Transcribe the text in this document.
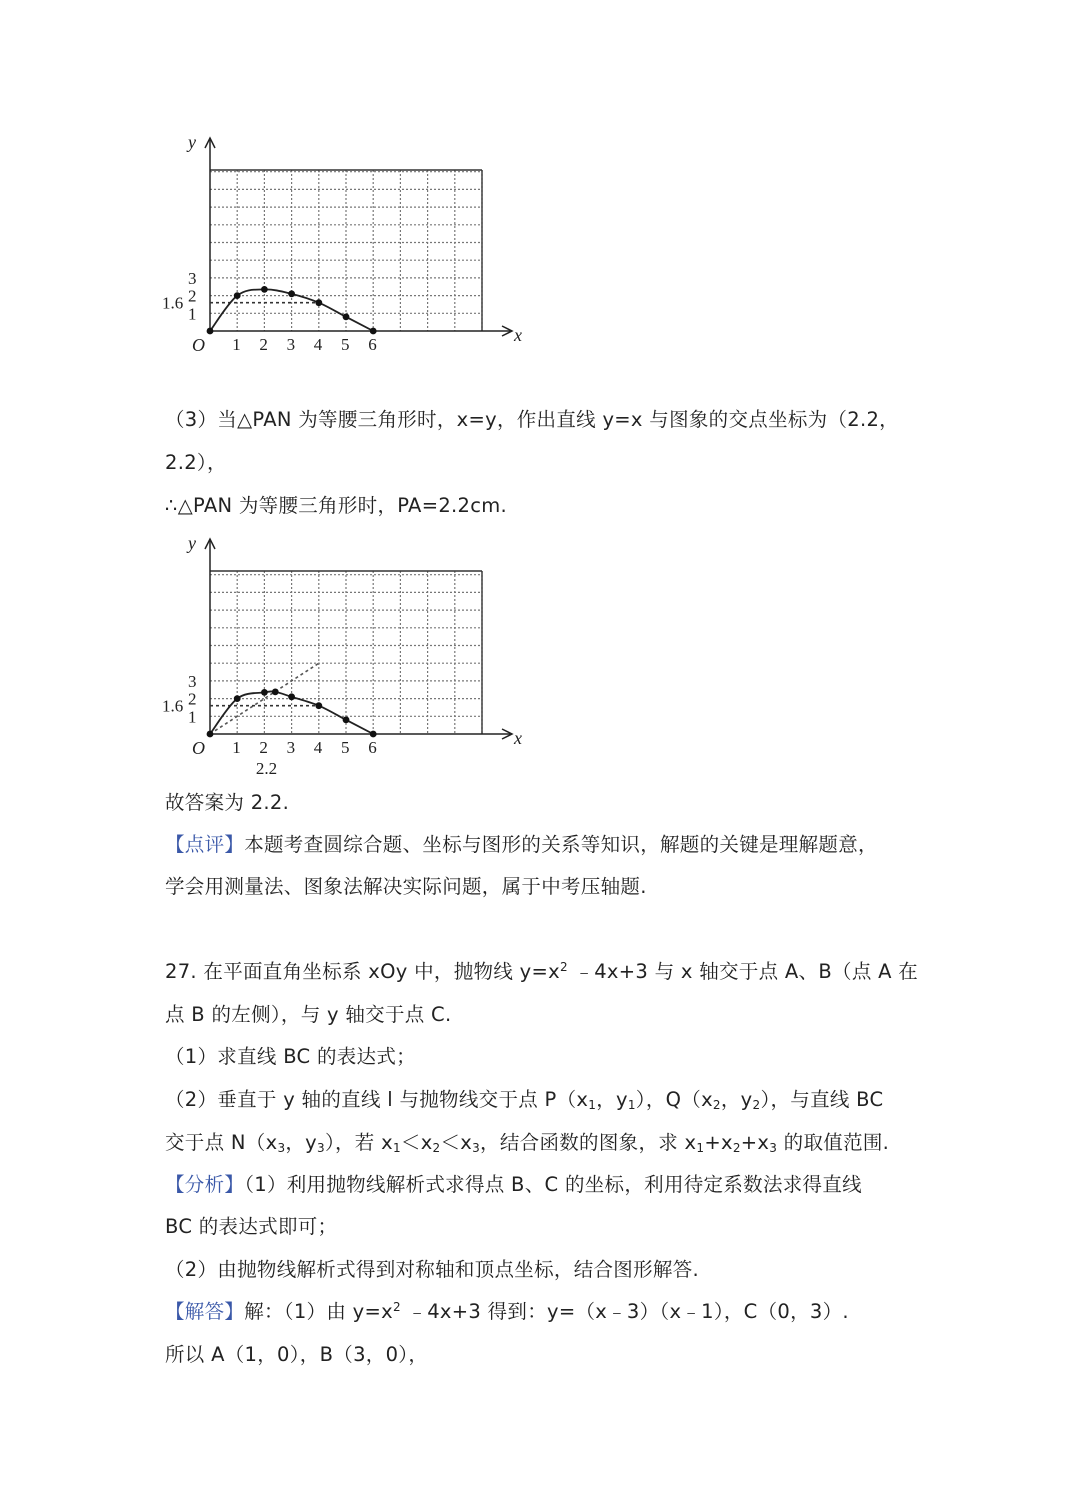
y
x
O 1 2 3 4 5 6
3
2
1
1.6
（3）当△PAN 为等腰三角形时，x=y，作出直线 y=x 与图象的交点坐标为（2.2，
2.2），
∴△PAN 为等腰三角形时，PA=2.2cm.
y
x
O 1 2 3 4 5 6
3
2
1
1.6
2.2
故答案为 2.2.
【点评】本题考查圆综合题、坐标与图形的关系等知识，解题的关键是理解题意，
学会用测量法、图象法解决实际问题，属于中考压轴题.
27. 在平面直角坐标系 xOy 中，抛物线 $y=x^2$ ﹣4x+3 与 x 轴交于点 A、B（点 A 在
点 B 的左侧），与 y 轴交于点 C.
（1）求直线 BC 的表达式；
（2）垂直于 y 轴的直线 l 与抛物线交于点 $P(x_1$，$y_1$），$Q(x_2$，$y_2$），与直线 BC
交于点 $N(x_3$，$y_3$），若 $x_1<x_2<x_3$，结合函数的图象，求 $x_1+x_2+x_3$ 的取值范围.
【分析】（1）利用抛物线解析式求得点 B、C 的坐标，利用待定系数法求得直线
BC 的表达式即可；
（2）由抛物线解析式得到对称轴和顶点坐标，结合图形解答.
【解答】解：（1）由 $y=x^2$ ﹣4x+3 得到：y=（x﹣3）（x﹣1），C（0，3）.
所以 A（1，0），B（3，0），
